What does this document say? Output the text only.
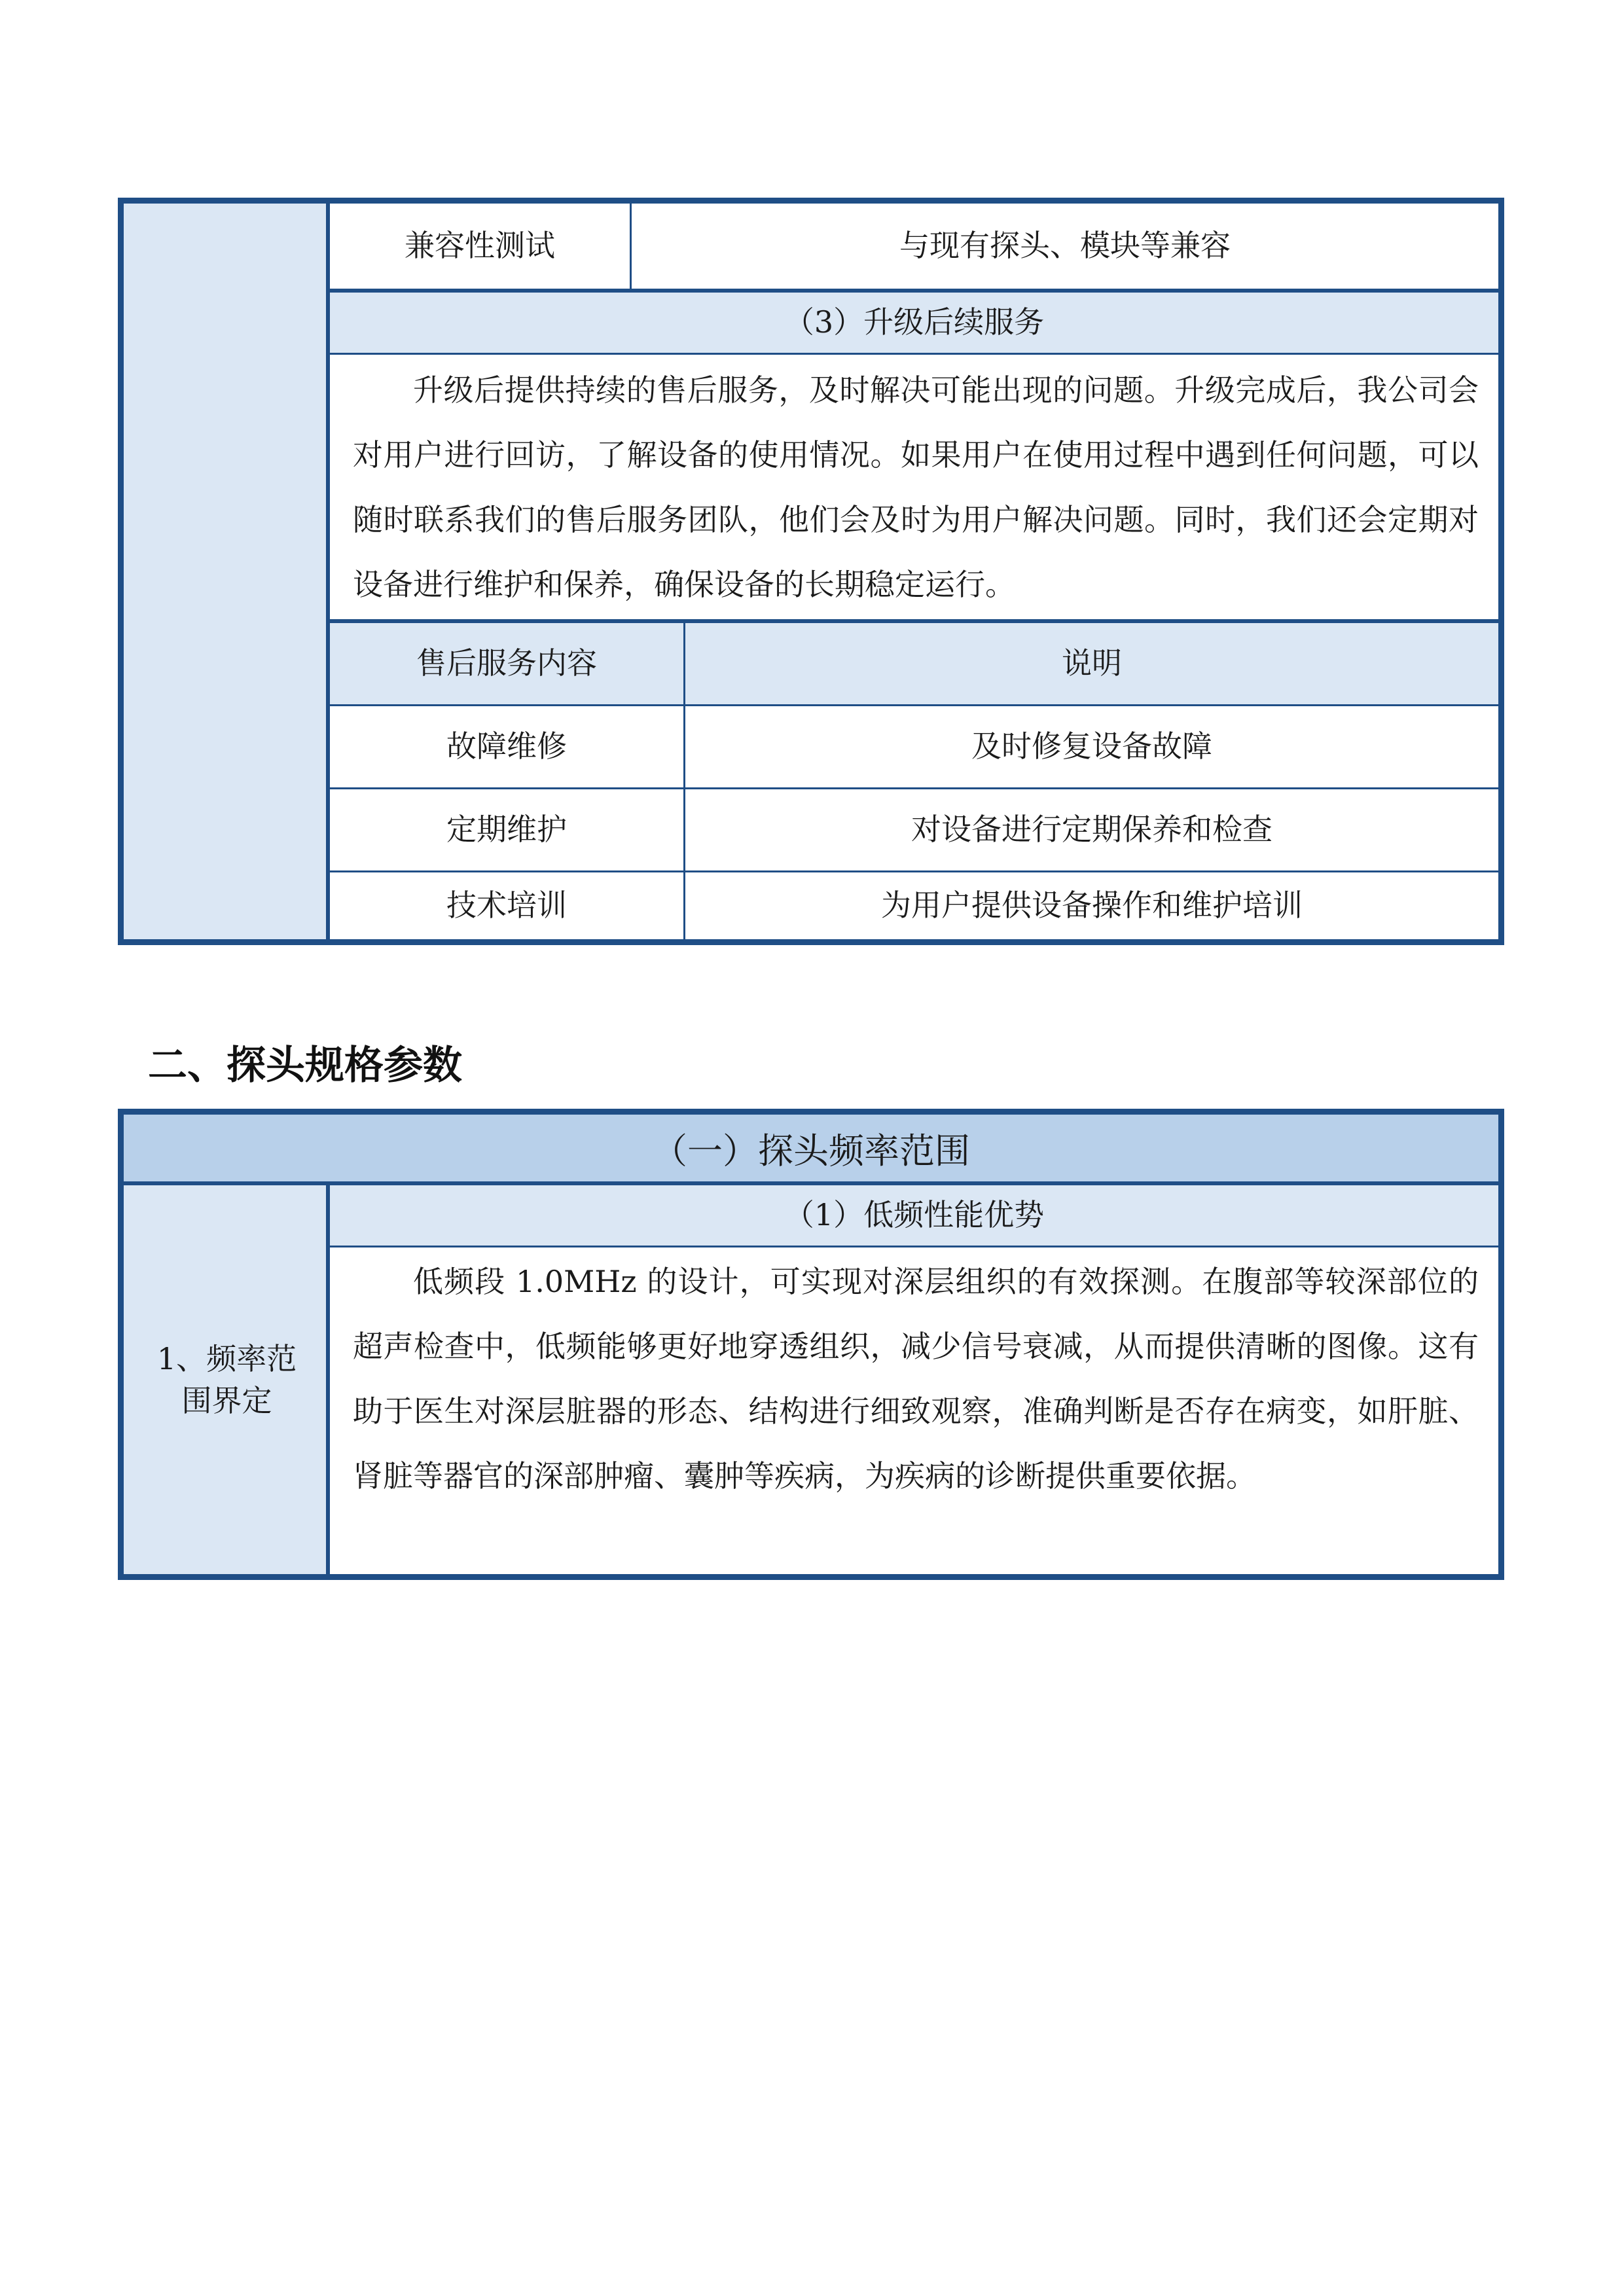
兼容性测试	与现有探头、模块等兼容
（3）升级后续服务
升级后提供持续的售后服务，及时解决可能出现的问题。升级完成后，我公司会对用户进行回访，了解设备的使用情况。如果用户在使用过程中遇到任何问题，可以随时联系我们的售后服务团队，他们会及时为用户解决问题。同时，我们还会定期对设备进行维护和保养，确保设备的长期稳定运行。
售后服务内容	说明
故障维修	及时修复设备故障
定期维护	对设备进行定期保养和检查
技术培训	为用户提供设备操作和维护培训
二、探头规格参数
（一）探头频率范围
1、频率范围界定
（1）低频性能优势
低频段 1.0MHz 的设计，可实现对深层组织的有效探测。在腹部等较深部位的超声检查中，低频能够更好地穿透组织，减少信号衰减，从而提供清晰的图像。这有助于医生对深层脏器的形态、结构进行细致观察，准确判断是否存在病变，如肝脏、肾脏等器官的深部肿瘤、囊肿等疾病，为疾病的诊断提供重要依据。
